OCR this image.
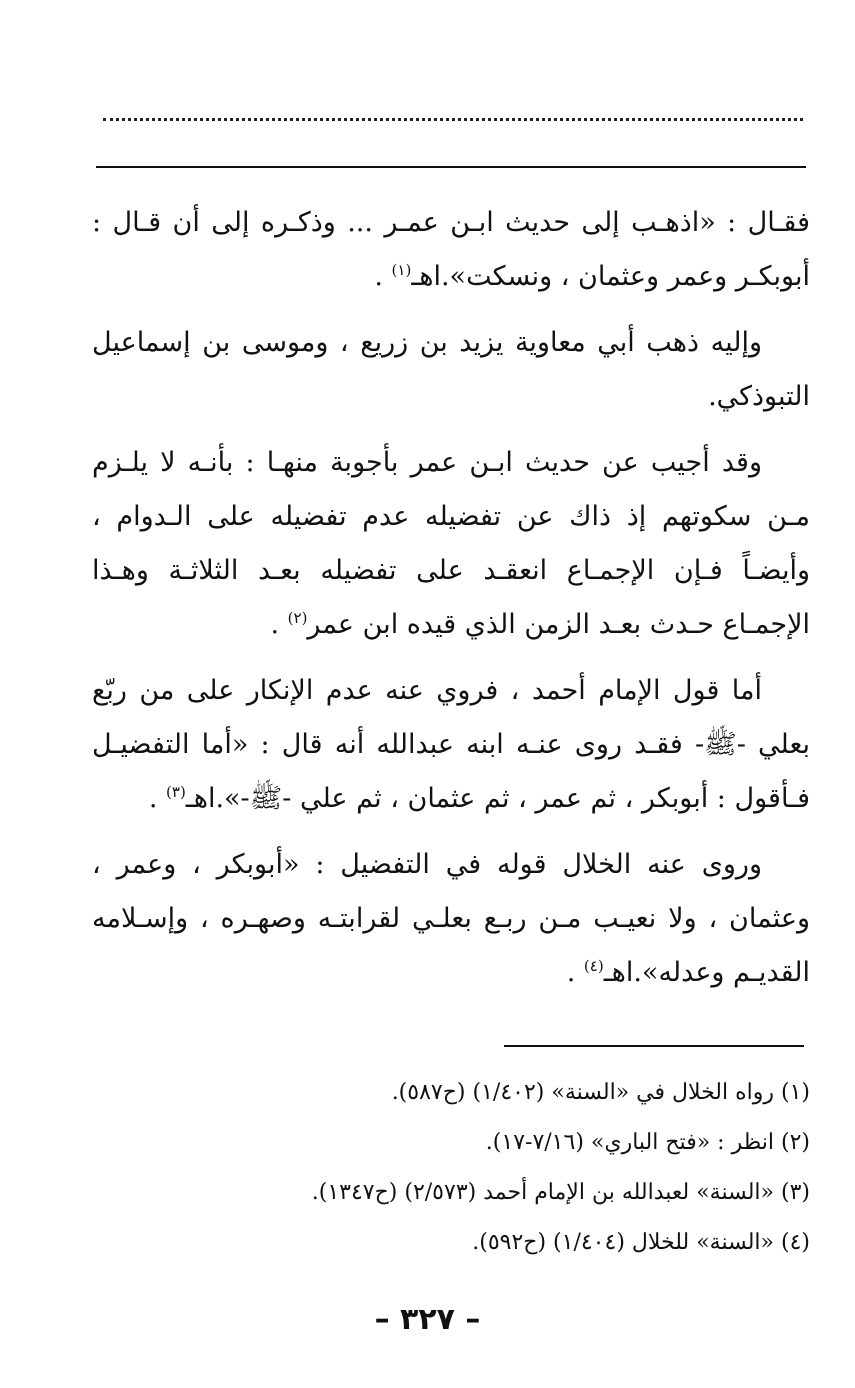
فقـال : «اذهـب إلى حديث ابـن عمـر ... وذكـره إلى أن قـال : أبوبكـر وعمر وعثمان ، ونسكت».اهـ$^{(١)}$ .

وإليه ذهب أبي معاوية يزيد بن زريع ، وموسى بن إسماعيل التبوذكي.

وقد أجيب عن حديث ابـن عمر بأجوبة منهـا : بأنـه لا يلـزم مـن سكوتهم إذ ذاك عن تفضيله عدم تفضيله على الـدوام ، وأيضـاً فـإن الإجمـاع انعقـد على تفضيله بعـد الثلاثـة وهـذا الإجمـاع حـدث بعـد الزمن الذي قيده ابن عمر$^{(٢)}$ .

أما قول الإمام أحمد ، فروي عنه عدم الإنكار على من ربّع بعلي -ﷺ- فقـد روى عنـه ابنه عبدالله أنه قال : «أما التفضيـل فـأقول : أبوبكر ، ثم عمر ، ثم عثمان ، ثم علي -ﷺ-».اهـ$^{(٣)}$ .

وروى عنه الخلال قوله في التفضيل : «أبوبكر ، وعمر ، وعثمان ، ولا نعيـب مـن ربـع بعلـي لقرابتـه وصهـره ، وإسـلامه القديـم وعدله».اهـ$^{(٤)}$ .

(١) رواه الخلال في «السنة» (١/٤٠٢) (ح٥٨٧).

(٢) انظر : «فتح الباري» (٧/١٦-١٧).

(٣) «السنة» لعبدالله بن الإمام أحمد (٢/٥٧٣) (ح١٣٤٧).

(٤) «السنة» للخلال (١/٤٠٤) (ح٥٩٢).

– ٣٢٧ –
